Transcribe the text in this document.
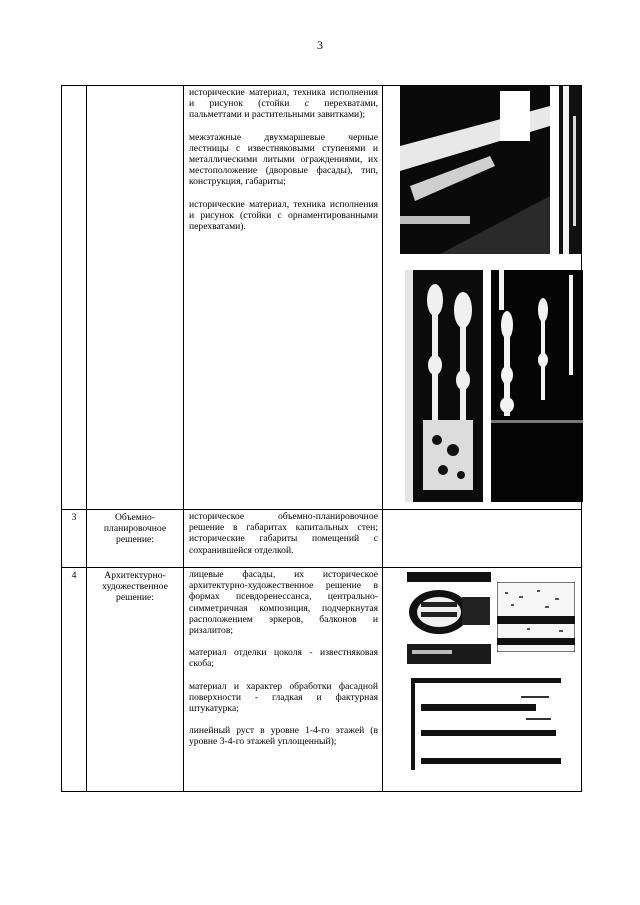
3

		исторические материал, техника исполнения и рисунок (стойки с перехватами, пальметтами и растительными завитками);

межэтажные двухмаршевые черные лестницы с известняковыми ступенями и металлическими литыми ограждениями, их местоположение (дворовые фасады), тип, конструкция, габариты;

исторические материал, техника исполнения и рисунок (стойки с орнаментированными перехватами).

3	Объемно-планировочное решение:	историческое объемно-планировочное решение в габаритах капитальных стен; исторические габариты помещений с сохранившейся отделкой.	

4	Архитектурно-художественное решение:	лицевые фасады, их историческое архитектурно-художественное решение в формах псевдоренессанса, центрально-симметричная композиция, подчеркнутая расположением эркеров, балконов и ризалитов;

материал отделки цоколя - известняковая скоба;

материал и характер обработки фасадной поверхности - гладкая и фактурная штукатурка;

линейный руст в уровне 1-4-го этажей (в уровне 3-4-го этажей уплощенный);
